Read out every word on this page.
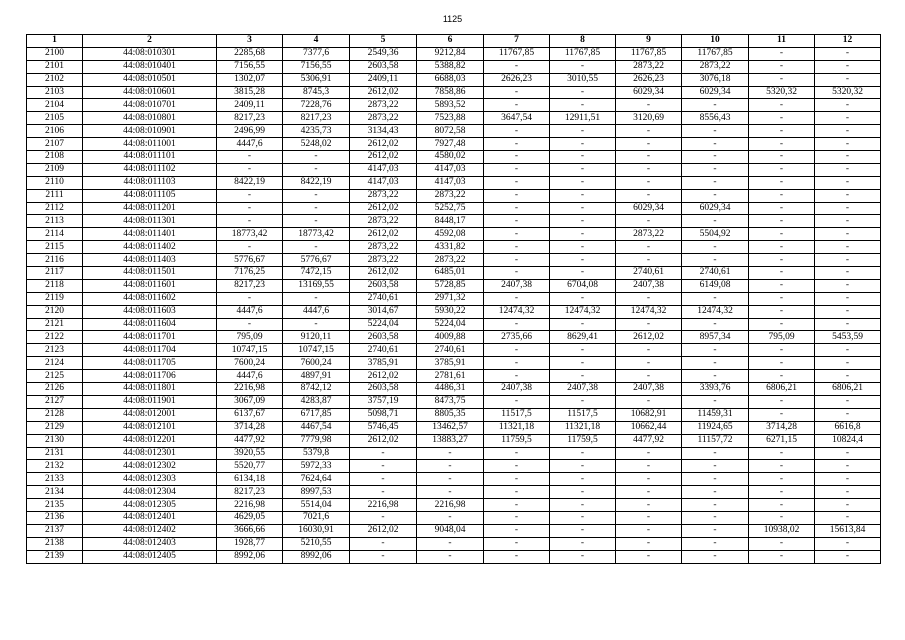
1125
1	2	3	4	5	6	7	8	9	10	11	12
2100	44:08:010301	2285,68	7377,6	2549,36	9212,84	11767,85	11767,85	11767,85	11767,85	-	-
2101	44:08:010401	7156,55	7156,55	2603,58	5388,82	-	-	2873,22	2873,22	-	-
2102	44:08:010501	1302,07	5306,91	2409,11	6688,03	2626,23	3010,55	2626,23	3076,18	-	-
2103	44:08:010601	3815,28	8745,3	2612,02	7858,86	-	-	6029,34	6029,34	5320,32	5320,32
2104	44:08:010701	2409,11	7228,76	2873,22	5893,52	-	-	-	-	-	-
2105	44:08:010801	8217,23	8217,23	2873,22	7523,88	3647,54	12911,51	3120,69	8556,43	-	-
2106	44:08:010901	2496,99	4235,73	3134,43	8072,58	-	-	-	-	-	-
2107	44:08:011001	4447,6	5248,02	2612,02	7927,48	-	-	-	-	-	-
2108	44:08:011101	-	-	2612,02	4580,02	-	-	-	-	-	-
2109	44:08:011102	-	-	4147,03	4147,03	-	-	-	-	-	-
2110	44:08:011103	8422,19	8422,19	4147,03	4147,03	-	-	-	-	-	-
2111	44:08:011105	-	-	2873,22	2873,22	-	-	-	-	-	-
2112	44:08:011201	-	-	2612,02	5252,75	-	-	6029,34	6029,34	-	-
2113	44:08:011301	-	-	2873,22	8448,17	-	-	-	-	-	-
2114	44:08:011401	18773,42	18773,42	2612,02	4592,08	-	-	2873,22	5504,92	-	-
2115	44:08:011402	-	-	2873,22	4331,82	-	-	-	-	-	-
2116	44:08:011403	5776,67	5776,67	2873,22	2873,22	-	-	-	-	-	-
2117	44:08:011501	7176,25	7472,15	2612,02	6485,01	-	-	2740,61	2740,61	-	-
2118	44:08:011601	8217,23	13169,55	2603,58	5728,85	2407,38	6704,08	2407,38	6149,08	-	-
2119	44:08:011602	-	-	2740,61	2971,32	-	-	-	-	-	-
2120	44:08:011603	4447,6	4447,6	3014,67	5930,22	12474,32	12474,32	12474,32	12474,32	-	-
2121	44:08:011604	-	-	5224,04	5224,04	-	-	-	-	-	-
2122	44:08:011701	795,09	9120,11	2603,58	4009,88	2735,66	8629,41	2612,02	8957,34	795,09	5453,59
2123	44:08:011704	10747,15	10747,15	2740,61	2740,61	-	-	-	-	-	-
2124	44:08:011705	7600,24	7600,24	3785,91	3785,91	-	-	-	-	-	-
2125	44:08:011706	4447,6	4897,91	2612,02	2781,61	-	-	-	-	-	-
2126	44:08:011801	2216,98	8742,12	2603,58	4486,31	2407,38	2407,38	2407,38	3393,76	6806,21	6806,21
2127	44:08:011901	3067,09	4283,87	3757,19	8473,75	-	-	-	-	-	-
2128	44:08:012001	6137,67	6717,85	5098,71	8805,35	11517,5	11517,5	10682,91	11459,31	-	-
2129	44:08:012101	3714,28	4467,54	5746,45	13462,57	11321,18	11321,18	10662,44	11924,65	3714,28	6616,8
2130	44:08:012201	4477,92	7779,98	2612,02	13883,27	11759,5	11759,5	4477,92	11157,72	6271,15	10824,4
2131	44:08:012301	3920,55	5379,8	-	-	-	-	-	-	-	-
2132	44:08:012302	5520,77	5972,33	-	-	-	-	-	-	-	-
2133	44:08:012303	6134,18	7624,64	-	-	-	-	-	-	-	-
2134	44:08:012304	8217,23	8997,53	-	-	-	-	-	-	-	-
2135	44:08:012305	2216,98	5514,04	2216,98	2216,98	-	-	-	-	-	-
2136	44:08:012401	4629,05	7021,6	-	-	-	-	-	-	-	-
2137	44:08:012402	3666,66	16030,91	2612,02	9048,04	-	-	-	-	10938,02	15613,84
2138	44:08:012403	1928,77	5210,55	-	-	-	-	-	-	-	-
2139	44:08:012405	8992,06	8992,06	-	-	-	-	-	-	-	-
